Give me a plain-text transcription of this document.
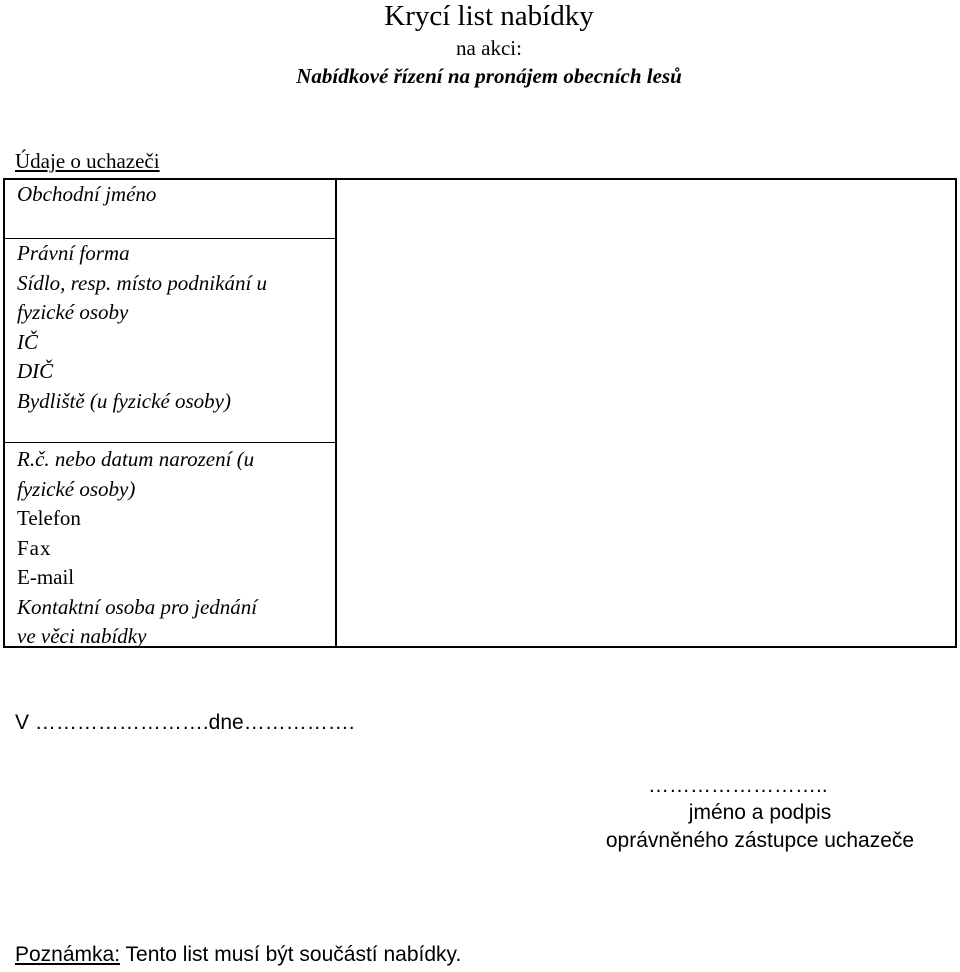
Krycí list nabídky
na akci:
Nabídkové řízení na pronájem obecních lesů
Údaje o uchazeči
Obchodní jméno
Právní forma
Sídlo, resp. místo podnikání u
fyzické osoby
IČ
DIČ
Bydliště (u fyzické osoby)
R.č. nebo datum narození (u
fyzické osoby)
Telefon
Fax
E-mail
Kontaktní osoba pro jednání
ve věci nabídky
V …………………….dne…………….
……………………..
jméno a podpis
oprávněného zástupce uchazeče
Poznámka: Tento list musí být součástí nabídky.
